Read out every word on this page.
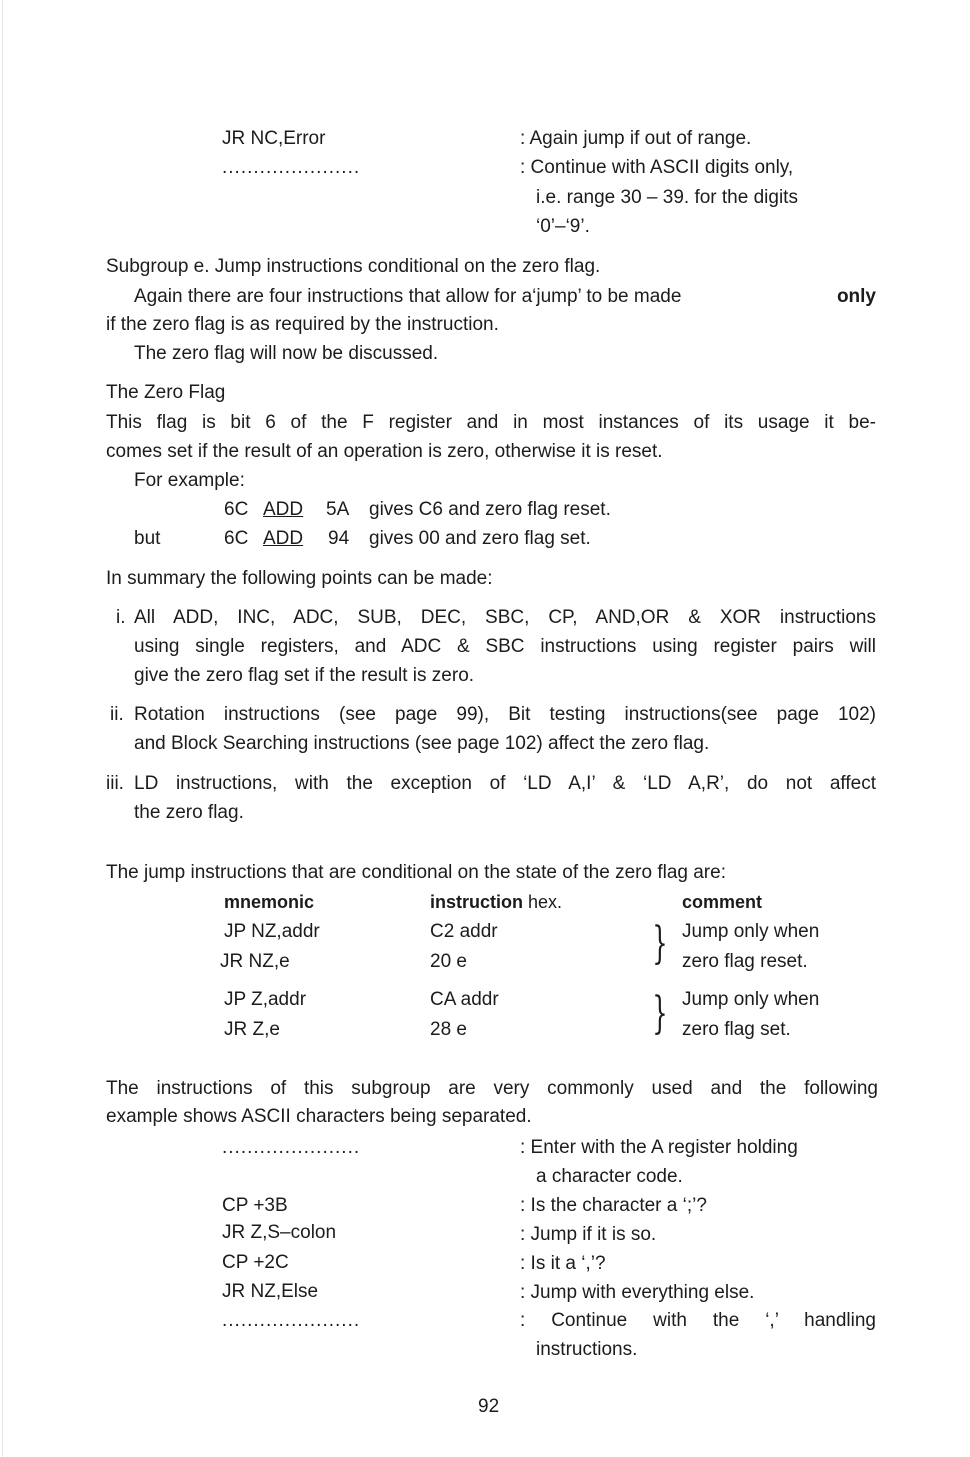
JR NC,Error	: Again jump if out of range.
......................	: Continue with ASCII digits only,
i.e. range 30 – 39. for the digits
‘0’–‘9’.
Subgroup e. Jump instructions conditional on the zero flag.
Again there are four instructions that allow for a‘jump’ to be made	only
if the zero flag is as required by the instruction.
The zero flag will now be discussed.
The Zero Flag
This flag is bit 6 of the F register and in most instances of its usage it be-
comes set if the result of an operation is zero, otherwise it is reset.
For example:
6C ADD 5A gives C6 and zero flag reset.
but	6C ADD 94 gives 00 and zero flag set.
In summary the following points can be made:
i. All ADD, INC, ADC, SUB, DEC, SBC, CP, AND,OR & XOR instructions
using single registers, and ADC & SBC instructions using register pairs will
give the zero flag set if the result is zero.
ii. Rotation instructions (see page 99), Bit testing instructions(see page 102)
and Block Searching instructions (see page 102) affect the zero flag.
iii. LD instructions, with the exception of ‘LD A,I’ & ‘LD A,R’, do not affect
the zero flag.
The jump instructions that are conditional on the state of the zero flag are:
mnemonic	instruction hex.	comment
JP NZ,addr	C2 addr	Jump only when
JR NZ,e	20 e	zero flag reset.
}
JP Z,addr	CA addr	Jump only when
JR Z,e	28 e	zero flag set.
}
The instructions of this subgroup are very commonly used and the following
example shows ASCII characters being separated.
......................	: Enter with the A register holding
a character code.
CP +3B	: Is the character a ‘;’?
JR Z,S–colon	: Jump if it is so.
CP +2C	: Is it a ‘,’?
JR NZ,Else	: Jump with everything else.
......................	: Continue with the ‘,’ handling
instructions.
92
